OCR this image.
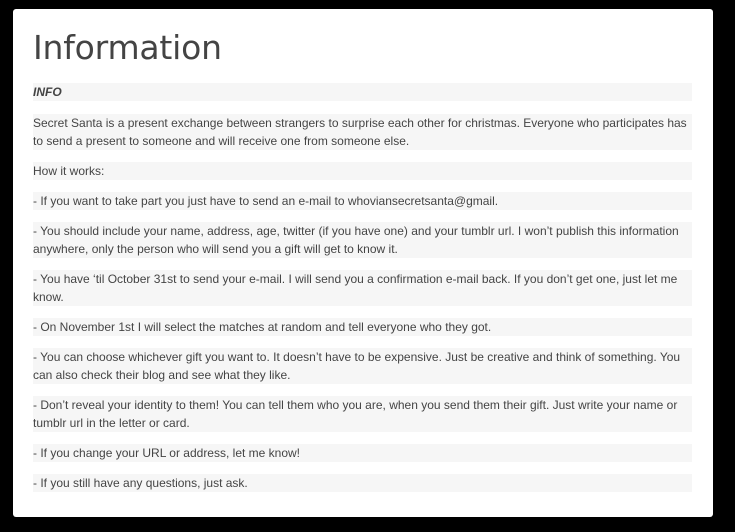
Information
INFO
Secret Santa is a present exchange between strangers to surprise each other for christmas. Everyone who participates has to send a present to someone and will receive one from someone else.
How it works:
- If you want to take part you just have to send an e-mail to whoviansecretsanta@gmail.
- You should include your name, address, age, twitter (if you have one) and your tumblr url. I won’t publish this information anywhere, only the person who will send you a gift will get to know it.
- You have ‘til October 31st to send your e-mail. I will send you a confirmation e-mail back. If you don’t get one, just let me know.
- On November 1st I will select the matches at random and tell everyone who they got.
- You can choose whichever gift you want to. It doesn’t have to be expensive. Just be creative and think of something. You can also check their blog and see what they like.
- Don’t reveal your identity to them! You can tell them who you are, when you send them their gift. Just write your name or tumblr url in the letter or card.
- If you change your URL or address, let me know!
- If you still have any questions, just ask.
